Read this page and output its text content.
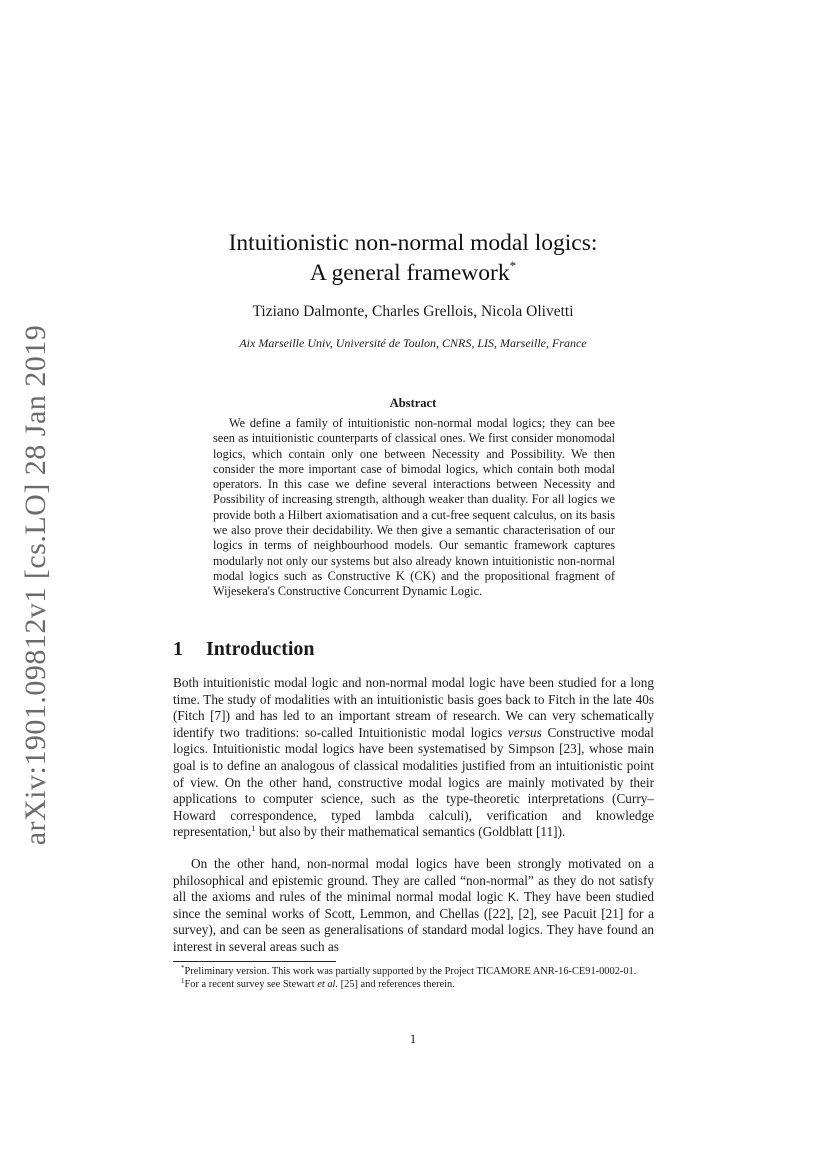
arXiv:1901.09812v1 [cs.LO] 28 Jan 2019
Intuitionistic non-normal modal logics:
A general framework*
Tiziano Dalmonte, Charles Grellois, Nicola Olivetti
Aix Marseille Univ, Université de Toulon, CNRS, LIS, Marseille, France
Abstract
We define a family of intuitionistic non-normal modal logics; they can bee seen as intuitionistic counterparts of classical ones. We first consider monomodal logics, which contain only one between Necessity and Possibility. We then consider the more important case of bimodal logics, which contain both modal operators. In this case we define several interactions between Necessity and Possibility of increasing strength, although weaker than duality. For all logics we provide both a Hilbert axiomatisation and a cut-free sequent calculus, on its basis we also prove their decidability. We then give a semantic characterisation of our logics in terms of neighbourhood models. Our semantic framework captures modularly not only our systems but also already known intuitionistic non-normal modal logics such as Constructive K (CK) and the propositional fragment of Wijesekera's Constructive Concurrent Dynamic Logic.
1 Introduction
Both intuitionistic modal logic and non-normal modal logic have been studied for a long time. The study of modalities with an intuitionistic basis goes back to Fitch in the late 40s (Fitch [7]) and has led to an important stream of research. We can very schematically identify two traditions: so-called Intuitionistic modal logics versus Constructive modal logics. Intuitionistic modal logics have been systematised by Simpson [23], whose main goal is to define an analogous of classical modalities justified from an intuitionistic point of view. On the other hand, constructive modal logics are mainly motivated by their applications to computer science, such as the type-theoretic interpretations (Curry–Howard correspondence, typed lambda calculi), verification and knowledge representation,$^1$ but also by their mathematical semantics (Goldblatt [11]).
On the other hand, non-normal modal logics have been strongly motivated on a philosophical and epistemic ground. They are called “non-normal” as they do not satisfy all the axioms and rules of the minimal normal modal logic K. They have been studied since the seminal works of Scott, Lemmon, and Chellas ([22], [2], see Pacuit [21] for a survey), and can be seen as generalisations of standard modal logics. They have found an interest in several areas such as

*Preliminary version. This work was partially supported by the Project TICAMORE ANR-16-CE91-0002-01.

$^1$For a recent survey see Stewart et al. [25] and references therein.

1
